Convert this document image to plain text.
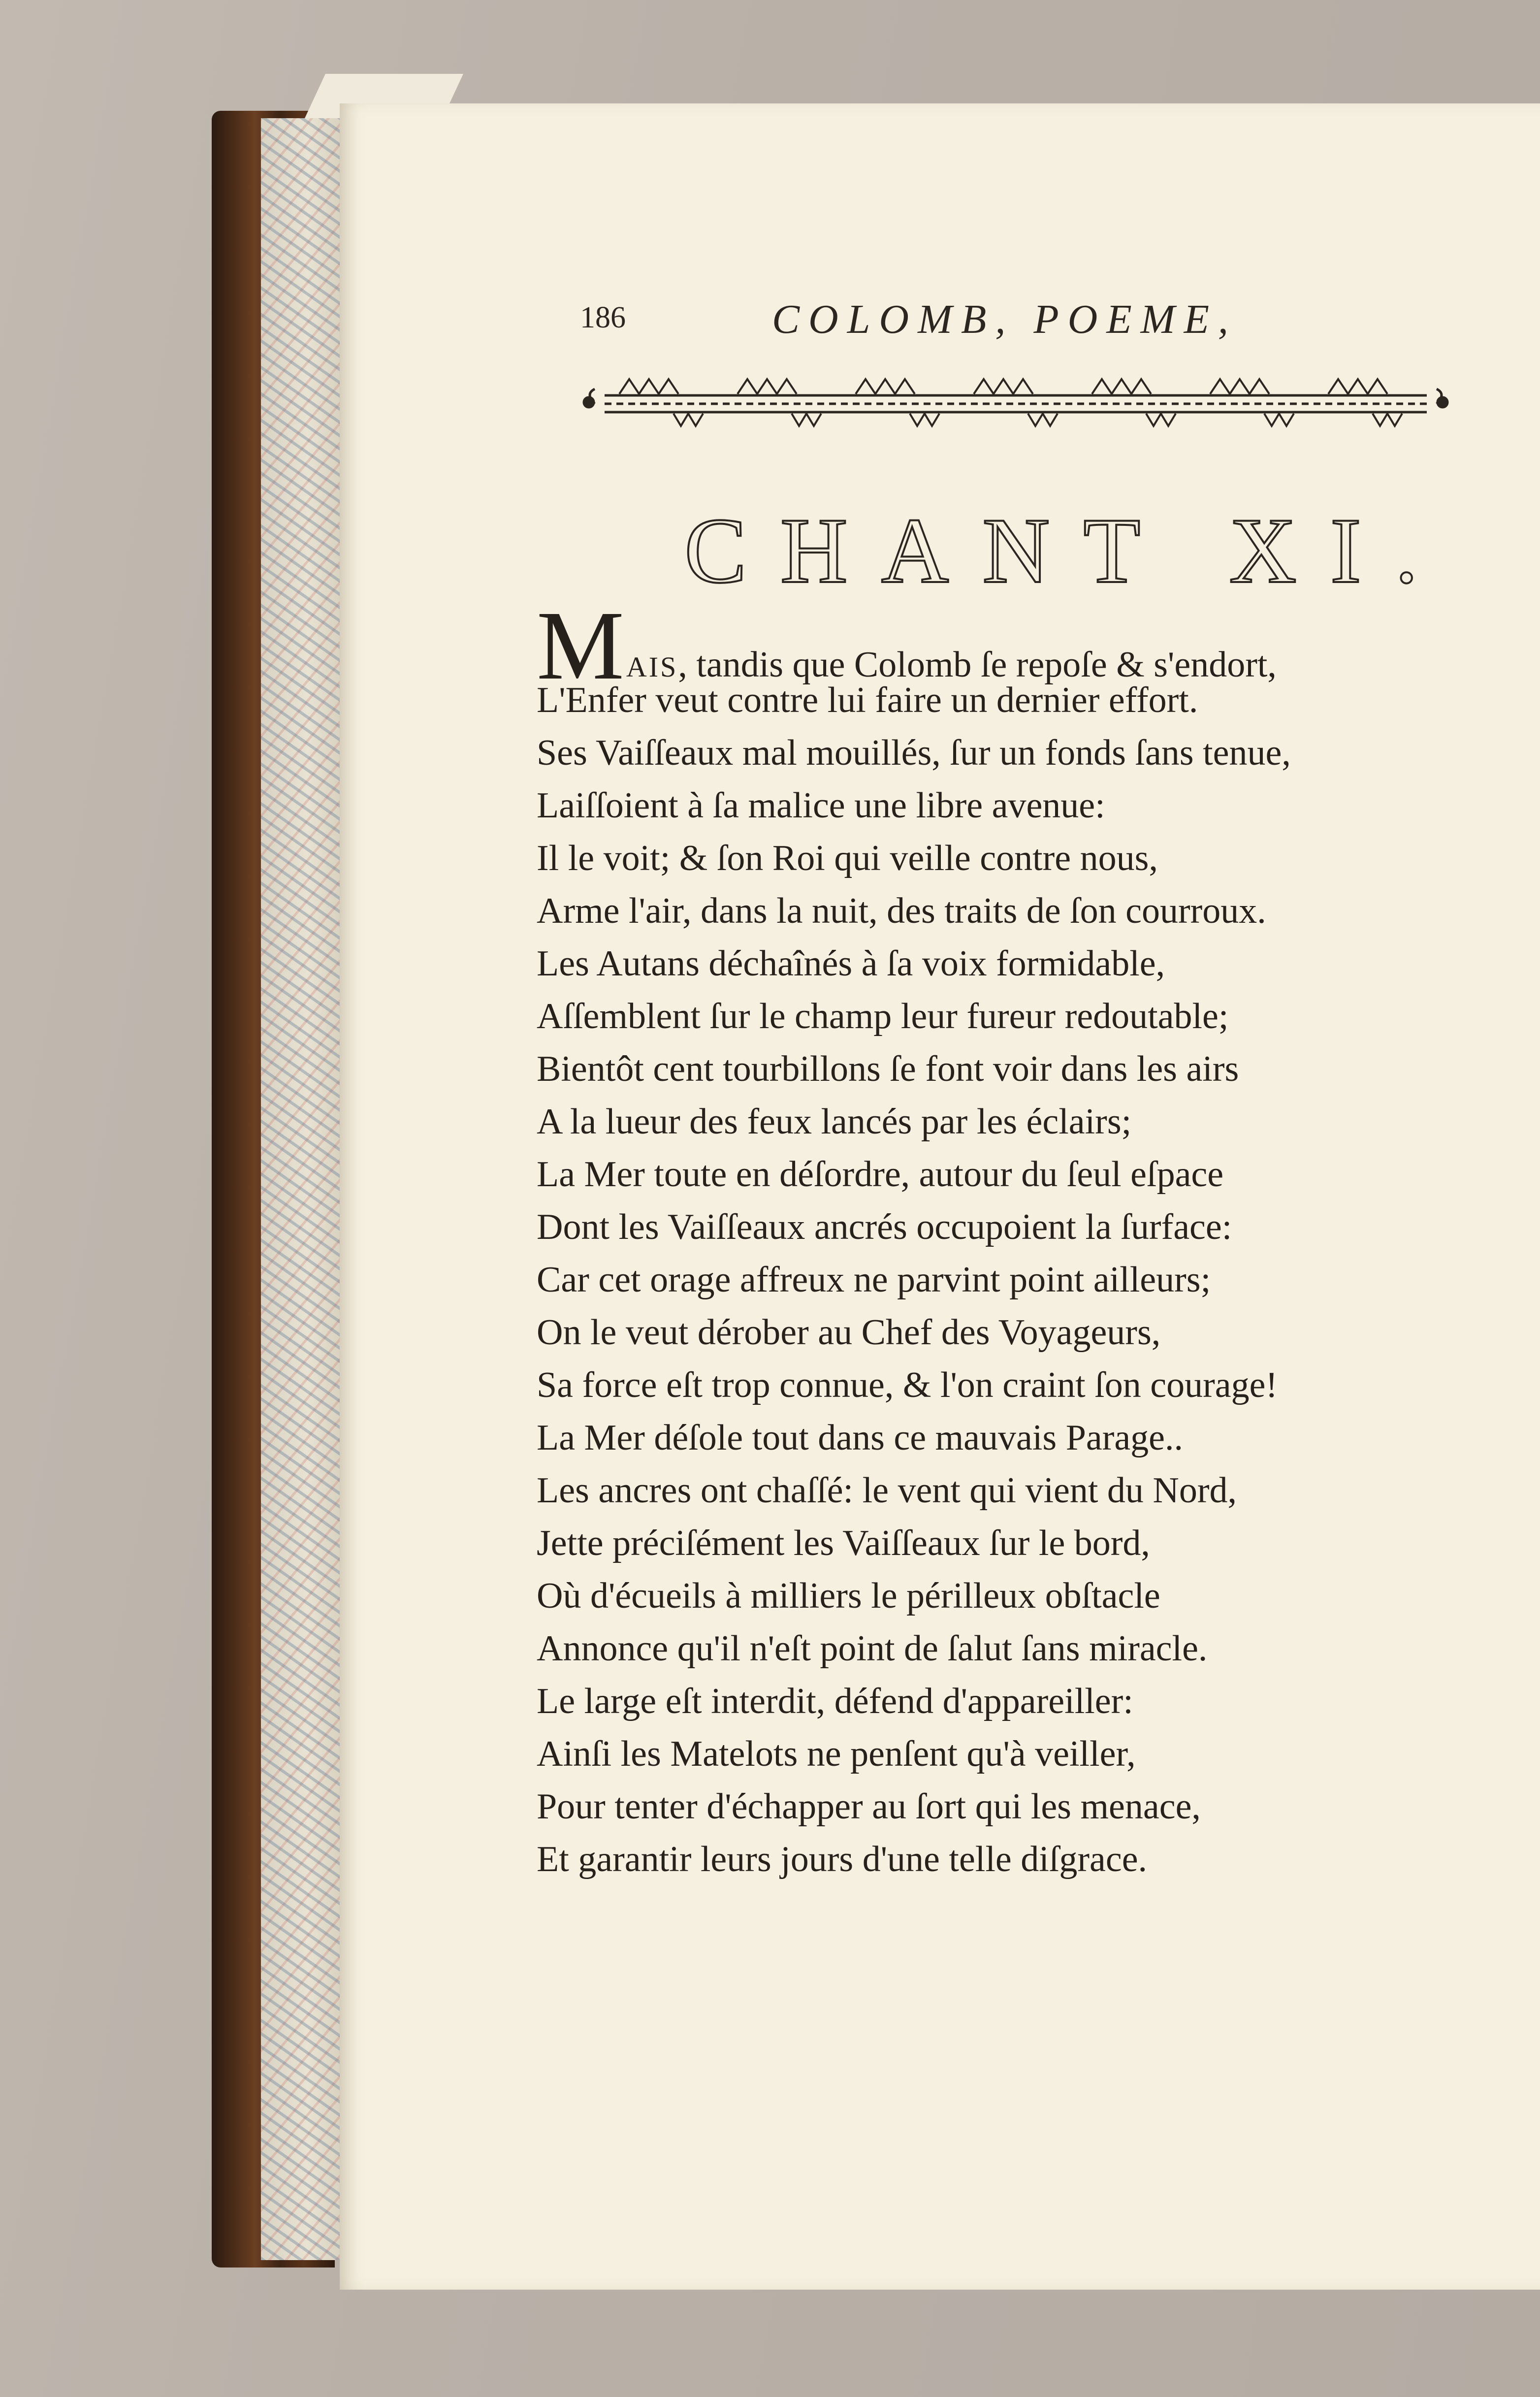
186	COLOMB, POEME,
CHANT XI.
MAIS, tandis que Colomb ſe repoſe & s'endort,
L'Enfer veut contre lui faire un dernier effort.
Ses Vaiſſeaux mal mouillés, ſur un fonds ſans tenue,
Laiſſoient à ſa malice une libre avenue:
Il le voit; & ſon Roi qui veille contre nous,
Arme l'air, dans la nuit, des traits de ſon courroux.
Les Autans déchaînés à ſa voix formidable,
Aſſemblent ſur le champ leur fureur redoutable;
Bientôt cent tourbillons ſe font voir dans les airs
A la lueur des feux lancés par les éclairs;
La Mer toute en déſordre, autour du ſeul eſpace
Dont les Vaiſſeaux ancrés occupoient la ſurface:
Car cet orage affreux ne parvint point ailleurs;
On le veut dérober au Chef des Voyageurs,
Sa force eſt trop connue, & l'on craint ſon courage!
La Mer déſole tout dans ce mauvais Parage..
Les ancres ont chaſſé: le vent qui vient du Nord,
Jette préciſément les Vaiſſeaux ſur le bord,
Où d'écueils à milliers le périlleux obſtacle
Annonce qu'il n'eſt point de ſalut ſans miracle.
Le large eſt interdit, défend d'appareiller:
Ainſi les Matelots ne penſent qu'à veiller,
Pour tenter d'échapper au ſort qui les menace,
Et garantir leurs jours d'une telle diſgrace.
